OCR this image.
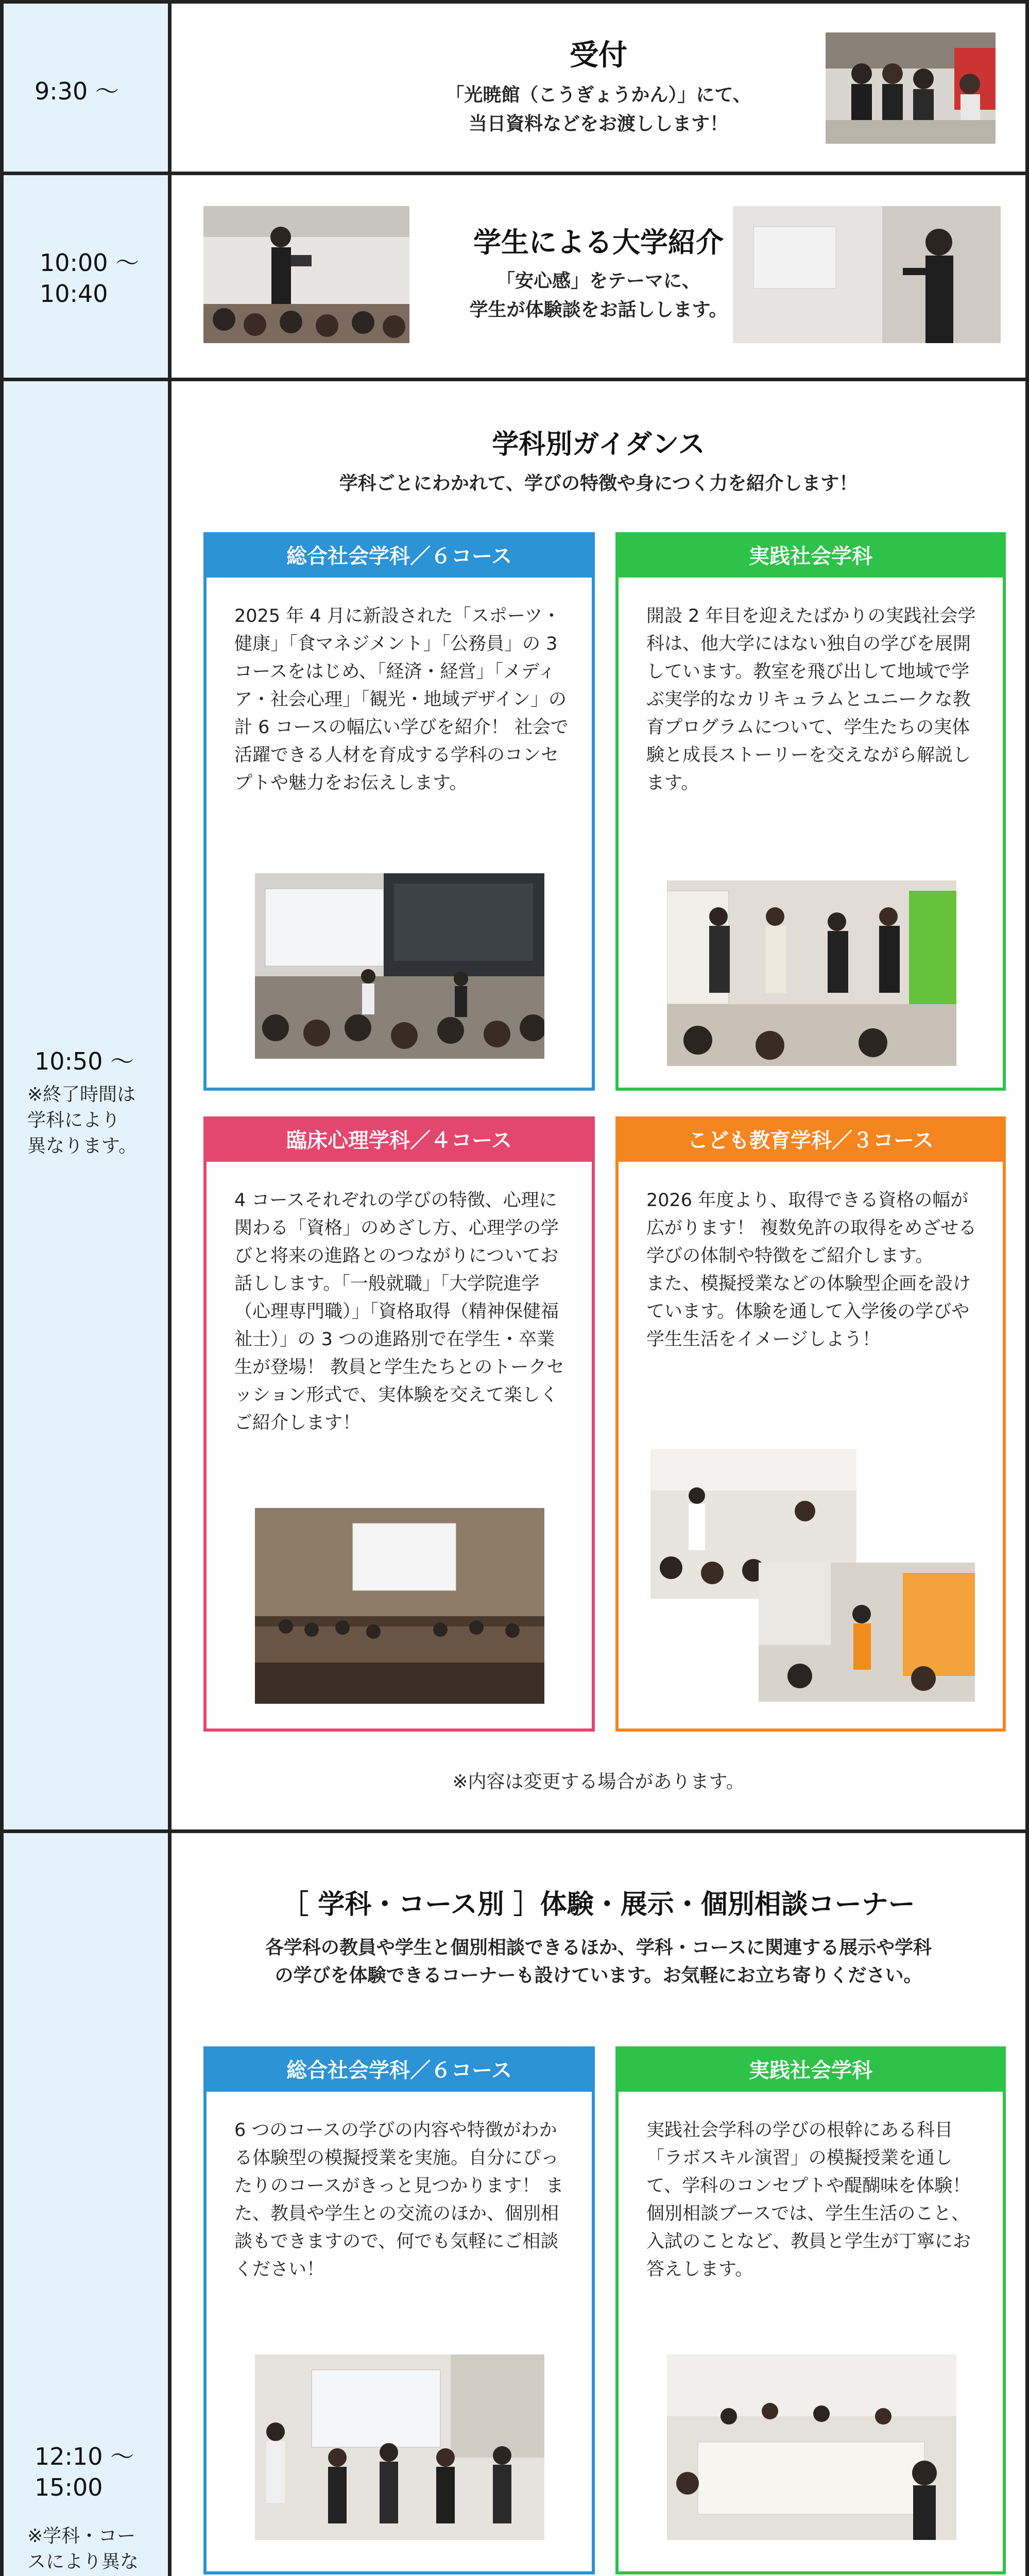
9:30 〜
受付
「光暁館（こうぎょうかん）」にて、
当日資料などをお渡しします！
10:00 〜
10:40
学生による大学紹介
「安心感」をテーマに、
学生が体験談をお話しします。
10:50 〜
※終了時間は
学科により
異なります。
学科別ガイダンス
学科ごとにわかれて、学びの特徴や身につく力を紹介します！
総合社会学科／６コース
2025 年 4 月に新設された「スポーツ・健康」「食マネジメント」「公務員」の 3 コースをはじめ、「経済・経営」「メディア・社会心理」「観光・地域デザイン」の計 6 コースの幅広い学びを紹介！ 社会で活躍できる人材を育成する学科のコンセプトや魅力をお伝えします。
実践社会学科
開設 2 年目を迎えたばかりの実践社会学科は、他大学にはない独自の学びを展開しています。教室を飛び出して地域で学ぶ実学的なカリキュラムとユニークな教育プログラムについて、学生たちの実体験と成長ストーリーを交えながら解説します。
臨床心理学科／４コース
4 コースそれぞれの学びの特徴、心理に関わる「資格」のめざし方、心理学の学びと将来の進路とのつながりについてお話しします。「一般就職」「大学院進学（心理専門職）」「資格取得（精神保健福祉士）」の 3 つの進路別で在学生・卒業生が登場！ 教員と学生たちとのトークセッション形式で、実体験を交えて楽しくご紹介します！
こども教育学科／３コース
2026 年度より、取得できる資格の幅が広がります！ 複数免許の取得をめざせる学びの体制や特徴をご紹介します。
また、模擬授業などの体験型企画を設けています。体験を通して入学後の学びや学生生活をイメージしよう！
※内容は変更する場合があります。
12:10 〜
15:00
※学科・コー
スにより異な

［ 学科・コース別 ］体験・展示・個別相談コーナー
各学科の教員や学生と個別相談できるほか、学科・コースに関連する展示や学科
の学びを体験できるコーナーも設けています。お気軽にお立ち寄りください。
総合社会学科／６コース
6 つのコースの学びの内容や特徴がわかる体験型の模擬授業を実施。自分にぴったりのコースがきっと見つかります！ また、教員や学生との交流のほか、個別相談もできますので、何でも気軽にご相談ください！
実践社会学科
実践社会学科の学びの根幹にある科目「ラボスキル演習」の模擬授業を通して、学科のコンセプトや醍醐味を体験！ 個別相談ブースでは、学生生活のこと、入試のことなど、教員と学生が丁寧にお答えします。
